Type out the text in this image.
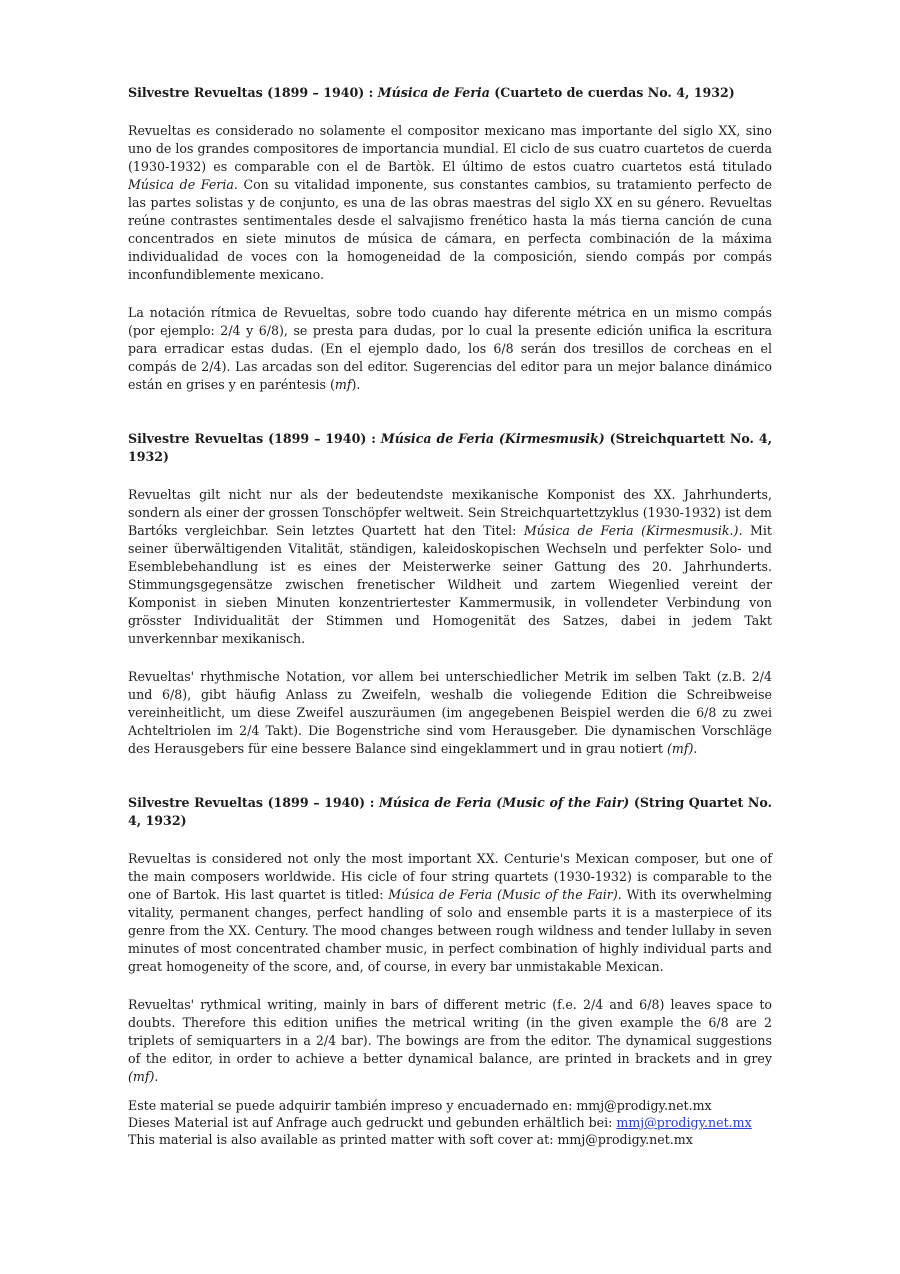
Silvestre Revueltas (1899 – 1940) : Música de Feria (Cuarteto de cuerdas No. 4, 1932)

Revueltas es considerado no solamente el compositor mexicano mas importante del siglo XX, sino uno de los grandes compositores de importancia mundial. El ciclo de sus cuatro cuartetos de cuerda (1930-1932) es comparable con el de Bartòk. El último de estos cuatro cuartetos está titulado Música de Feria. Con su vitalidad imponente, sus constantes cambios, su tratamiento perfecto de las partes solistas y de conjunto, es una de las obras maestras del siglo XX en su género. Revueltas reúne contrastes sentimentales desde el salvajismo frenético hasta la más tierna canción de cuna concentrados en siete minutos de música de cámara, en perfecta combinación de la máxima individualidad de voces con la homogeneidad de la composición, siendo compás por compás inconfundiblemente mexicano.

La notación rítmica de Revueltas, sobre todo cuando hay diferente métrica en un mismo compás (por ejemplo: 2/4 y 6/8), se presta para dudas, por lo cual la presente edición unifica la escritura para erradicar estas dudas. (En el ejemplo dado, los 6/8 serán dos tresillos de corcheas en el compás de 2/4). Las arcadas son del editor. Sugerencias del editor para un mejor balance dinámico están en grises y en paréntesis (mf).

Silvestre Revueltas (1899 – 1940) : Música de Feria (Kirmesmusik) (Streichquartett No. 4, 1932)

Revueltas gilt nicht nur als der bedeutendste mexikanische Komponist des XX. Jahrhunderts, sondern als einer der grossen Tonschöpfer weltweit. Sein Streichquartettzyklus (1930-1932) ist dem Bartóks vergleichbar. Sein letztes Quartett hat den Titel: Música de Feria (Kirmesmusik.). Mit seiner überwältigenden Vitalität, ständigen, kaleidoskopischen Wechseln und perfekter Solo- und Esemblebehandlung ist es eines der Meisterwerke seiner Gattung des 20. Jahrhunderts. Stimmungsgegensätze zwischen frenetischer Wildheit und zartem Wiegenlied vereint der Komponist in sieben Minuten konzentriertester Kammermusik, in vollendeter Verbindung von grösster Individualität der Stimmen und Homogenität des Satzes, dabei in jedem Takt unverkennbar mexikanisch.

Revueltas' rhythmische Notation, vor allem bei unterschiedlicher Metrik im selben Takt (z.B. 2/4 und 6/8), gibt häufig Anlass zu Zweifeln, weshalb die voliegende Edition die Schreibweise vereinheitlicht, um diese Zweifel auszuräumen (im angegebenen Beispiel werden die 6/8 zu zwei Achteltriolen im 2/4 Takt). Die Bogenstriche sind vom Herausgeber. Die dynamischen Vorschläge des Herausgebers für eine bessere Balance sind eingeklammert und in grau notiert (mf).

Silvestre Revueltas (1899 – 1940) : Música de Feria (Music of the Fair) (String Quartet No. 4, 1932)

Revueltas is considered not only the most important XX. Centurie's Mexican composer, but one of the main composers worldwide. His cicle of four string quartets (1930-1932) is comparable to the one of Bartok. His last quartet is titled: Música de Feria (Music of the Fair). With its overwhelming vitality, permanent changes, perfect handling of solo and ensemble parts it is a masterpiece of its genre from the XX. Century. The mood changes between rough wildness and tender lullaby in seven minutes of most concentrated chamber music, in perfect combination of highly individual parts and great homogeneity of the score, and, of course, in every bar unmistakable Mexican.

Revueltas' rythmical writing, mainly in bars of different metric (f.e. 2/4 and 6/8) leaves space to doubts. Therefore this edition unifies the metrical writing (in the given example the 6/8 are 2 triplets of semiquarters in a 2/4 bar). The bowings are from the editor. The dynamical suggestions of the editor, in order to achieve a better dynamical balance, are printed in brackets and in grey (mf).

Este material se puede adquirir también impreso y encuadernado en: mmj@prodigy.net.mx

Dieses Material ist auf Anfrage auch gedruckt und gebunden erhältlich bei: mmj@prodigy.net.mx

This material is also available as printed matter with soft cover at: mmj@prodigy.net.mx
